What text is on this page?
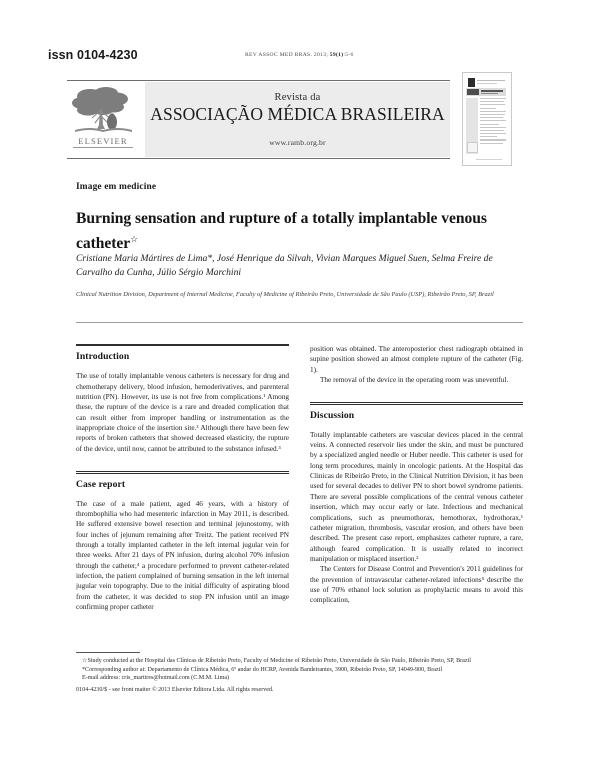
issn 0104-4230	REV ASSOC MED BRAS. 2013; 59(1):5-6
ELSEVIER
Revista da
ASSOCIAÇÃO MÉDICA BRASILEIRA
www.ramb.org.br
Image em medicine
Burning sensation and rupture of a totally implantable venous catheter☆
Cristiane Maria Mártires de Lima*, José Henrique da Silvah, Vivian Marques Miguel Suen, Selma Freire de Carvalho da Cunha, Júlio Sérgio Marchini
Clinical Nutrition Division, Department of Internal Medicine, Faculty of Medicine of Ribeirão Preto, Universidade de São Paulo (USP), Ribeirão Preto, SP, Brazil
Introduction

The use of totally implantable venous catheters is necessary for drug and chemotherapy delivery, blood infusion, hemoderivatives, and parenteral nutrition (PN). However, its use is not free from complications.¹ Among these, the rupture of the device is a rare and dreaded complication that can result either from improper handling or instrumentation as the inappropriate choice of the insertion site.² Although there have been few reports of broken catheters that showed decreased elasticity, the rupture of the device, until now, cannot be attributed to the substance infused.³

Case report

The case of a male patient, aged 46 years, with a history of thrombophilia who had mesenteric infarction in May 2011, is described. He suffered extensive bowel resection and terminal jejunostomy, with four inches of jejunum remaining after Treitz. The patient received PN through a totally implanted catheter in the left internal jugular vein for three weeks. After 21 days of PN infusion, during alcohol 70% infusion through the catheter,⁴ a procedure performed to prevent catheter-related infection, the patient complained of burning sensation in the left internal jugular vein topography. Due to the initial difficulty of aspirating blood from the catheter, it was decided to stop PN infusion until an image confirming proper catheter

position was obtained. The anteroposterior chest radiograph obtained in supine position showed an almost complete rupture of the catheter (Fig. 1).

The removal of the device in the operating room was uneventful.

Discussion

Totally implantable catheters are vascular devices placed in the central veins. A connected reservoir lies under the skin, and must be punctured by a specialized angled needle or Huber needle. This catheter is used for long term procedures, mainly in oncologic patients. At the Hospital das Clinicas de Ribeirão Preto, in the Clinical Nutrition Division, it has been used for several decades to deliver PN to short bowel syndrome patients. There are several possible complications of the central venous catheter insertion, which may occur early or late. Infectious and mechanical complications, such as pneumothorax, hemothorax, hydrothorax,¹ catheter migration, thrombosis, vascular erosion, and others have been described. The present case report, emphasizes catheter rupture, a rare, although feared complication. It is usually related to incorrect manipulation or misplaced insertion.²

The Centers for Disease Control and Prevention's 2011 guidelines for the prevention of intravascular catheter-related infections⁵ describe the use of 70% ethanol lock solution as prophylactic means to avoid this complication,

☆Study conducted at the Hospital das Clínicas de Ribeirão Preto, Faculty of Medicine of Ribeirão Preto, Universidade de São Paulo, Ribeirão Preto, SP, Brazil
*Corresponding author at: Departamento de Clínica Médica, 6º andar do HCRP, Avenida Bandeirantes, 3900, Ribeirão Preto, SP, 14049-900, Brazil
E-mail address: cris_martires@hotmail.com (C.M.M. Lima)
0104-4230/$ - see front matter © 2013 Elsevier Editora Ltda. All rights reserved.
